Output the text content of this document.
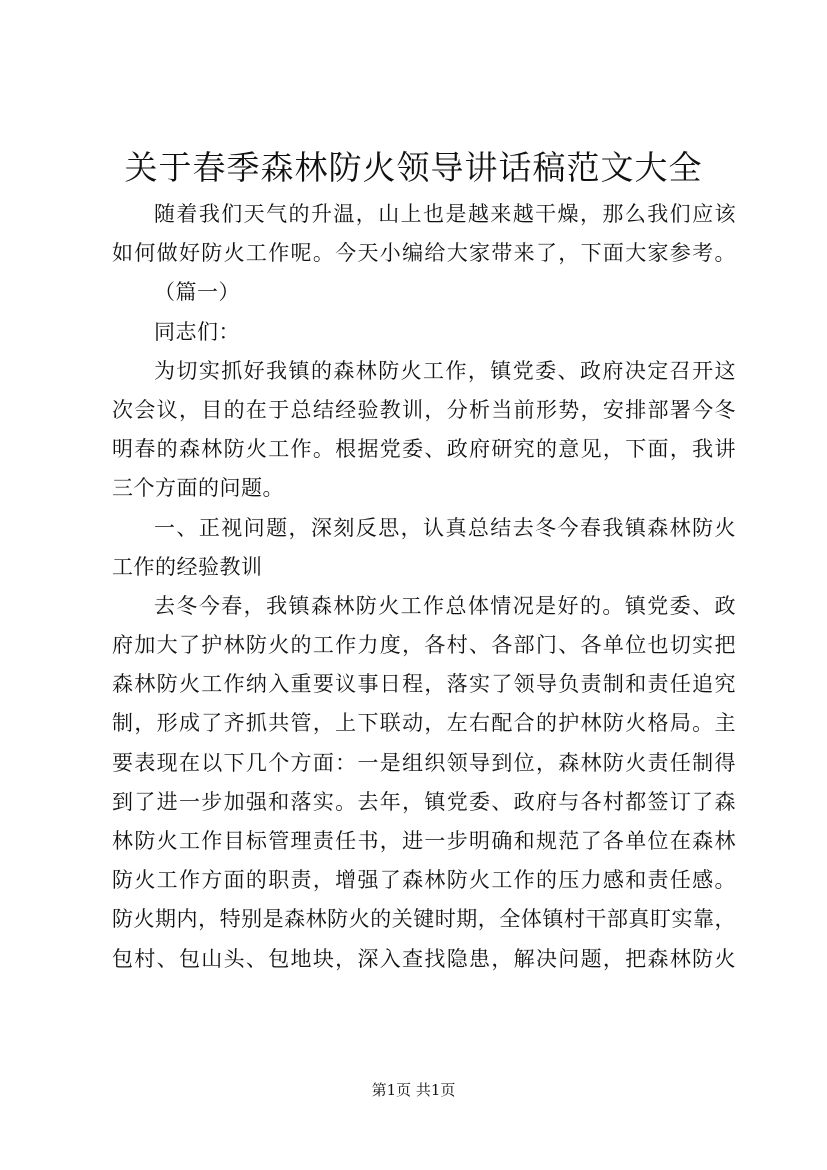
关于春季森林防火领导讲话稿范文大全
随着我们天气的升温，山上也是越来越干燥，那么我们应该
如何做好防火工作呢。今天小编给大家带来了，下面大家参考。
（篇一）
同志们：
为切实抓好我镇的森林防火工作，镇党委、政府决定召开这
次会议，目的在于总结经验教训，分析当前形势，安排部署今冬
明春的森林防火工作。根据党委、政府研究的意见，下面，我讲
三个方面的问题。
一、正视问题，深刻反思，认真总结去冬今春我镇森林防火
工作的经验教训
去冬今春，我镇森林防火工作总体情况是好的。镇党委、政
府加大了护林防火的工作力度，各村、各部门、各单位也切实把
森林防火工作纳入重要议事日程，落实了领导负责制和责任追究
制，形成了齐抓共管，上下联动，左右配合的护林防火格局。主
要表现在以下几个方面：一是组织领导到位，森林防火责任制得
到了进一步加强和落实。去年，镇党委、政府与各村都签订了森
林防火工作目标管理责任书，进一步明确和规范了各单位在森林
防火工作方面的职责，增强了森林防火工作的压力感和责任感。
防火期内，特别是森林防火的关键时期，全体镇村干部真盯实靠，
包村、包山头、包地块，深入查找隐患，解决问题，把森林防火
第1页 共1页
